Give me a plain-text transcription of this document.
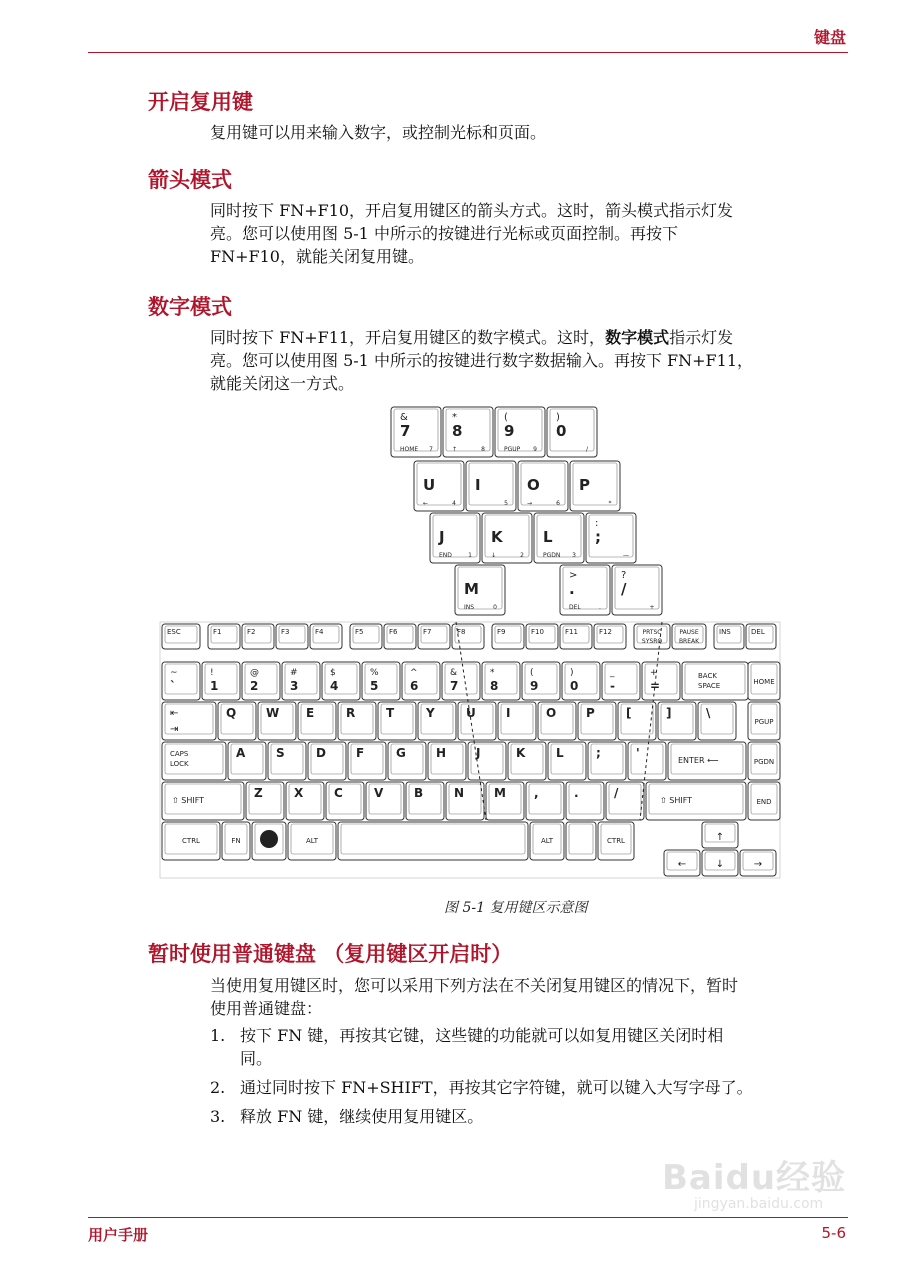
键盘
开启复用键
复用键可以用来输入数字，或控制光标和页面。
箭头模式
同时按下 FN+F10，开启复用键区的箭头方式。这时，箭头模式指示灯发
亮。您可以使用图 5-1 中所示的按键进行光标或页面控制。再按下
FN+F10，就能关闭复用键。
数字模式
同时按下 FN+F11，开启复用键区的数字模式。这时，数字模式指示灯发
亮。您可以使用图 5-1 中所示的按键进行数字数据输入。再按下 FN+F11，
就能关闭这一方式。
&
7
HOME 7
*
8
↑	8
(
9
PGUP 9
)
0
/
U
←	4
I
5
O
→	6
P
*
J
END	1
K
↓	2
L
PGDN 3
:
;
—
M
INS	0
>
.
DEL	.
?
/
+
ESC	F1	F2	F3	F4	F5	F6	F7	F8	F9	F10	F11	F12	PRTSC
SYSRQ
PAUSE
BREAK
INS	DEL
~
`
!
1
@
2
#
3
$
4
%
5
^
6
&
7
*
8
(
9
)
0
_
-
+
=
BACK
SPACE	HOME
⇤
⇥
Q W E	R	T	Y	U	I	O P	[	]	\
PGUP
CAPS
LOCK
A	S	D	F	G	H J	K	L	;	'
ENTER ⟵	PGDN
⇧ SHIFT
Z	X	C	V	B	N M ,	.	/
⇧ SHIFT	END
CTRL	FN	ALT	ALT	CTRL	↑
←	↓	→
图 5-1 复用键区示意图
暂时使用普通键盘 （复用键区开启时）
当使用复用键区时，您可以采用下列方法在不关闭复用键区的情况下，暂时
使用普通键盘：
1. 按下 FN 键，再按其它键，这些键的功能就可以如复用键区关闭时相
同。
2. 通过同时按下 FN+SHIFT，再按其它字符键，就可以键入大写字母了。
3. 释放 FN 键，继续使用复用键区。
Baidu经验
jingyan.baidu.com
用户手册	5-6
